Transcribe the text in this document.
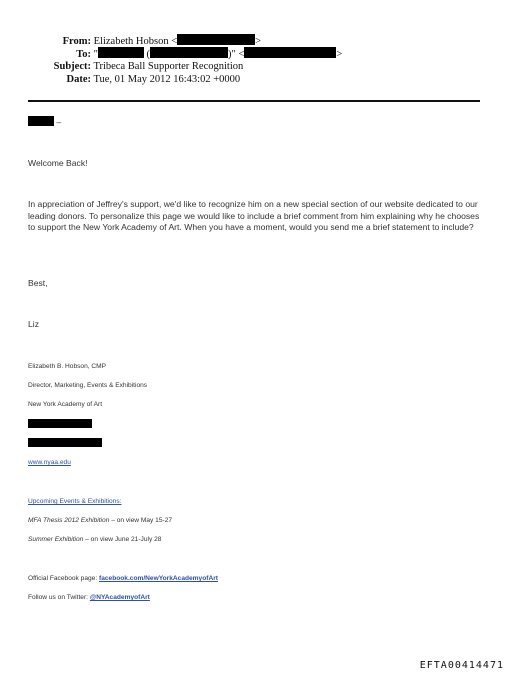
From: Elizabeth Hobson <	>
To: "	(	)" <	>
Subject: Tribeca Ball Supporter Recognition
Date: Tue, 01 May 2012 16:43:02 +0000
–
Welcome Back!
In appreciation of Jeffrey's support, we'd like to recognize him on a new special section of our website dedicated to our leading donors. To personalize this page we would like to include a brief comment from him explaining why he chooses to support the New York Academy of Art. When you have a moment, would you send me a brief statement to include?
Best,
Liz
Elizabeth B. Hobson, CMP
Director, Marketing, Events & Exhibitions
New York Academy of Art
www.nyaa.edu
Upcoming Events & Exhibitions:
MFA Thesis 2012 Exhibition – on view May 15-27
Summer Exhibition – on view June 21-July 28
Official Facebook page: facebook.com/NewYorkAcademyofArt
Follow us on Twitter: @NYAcademyofArt
EFTA00414471
